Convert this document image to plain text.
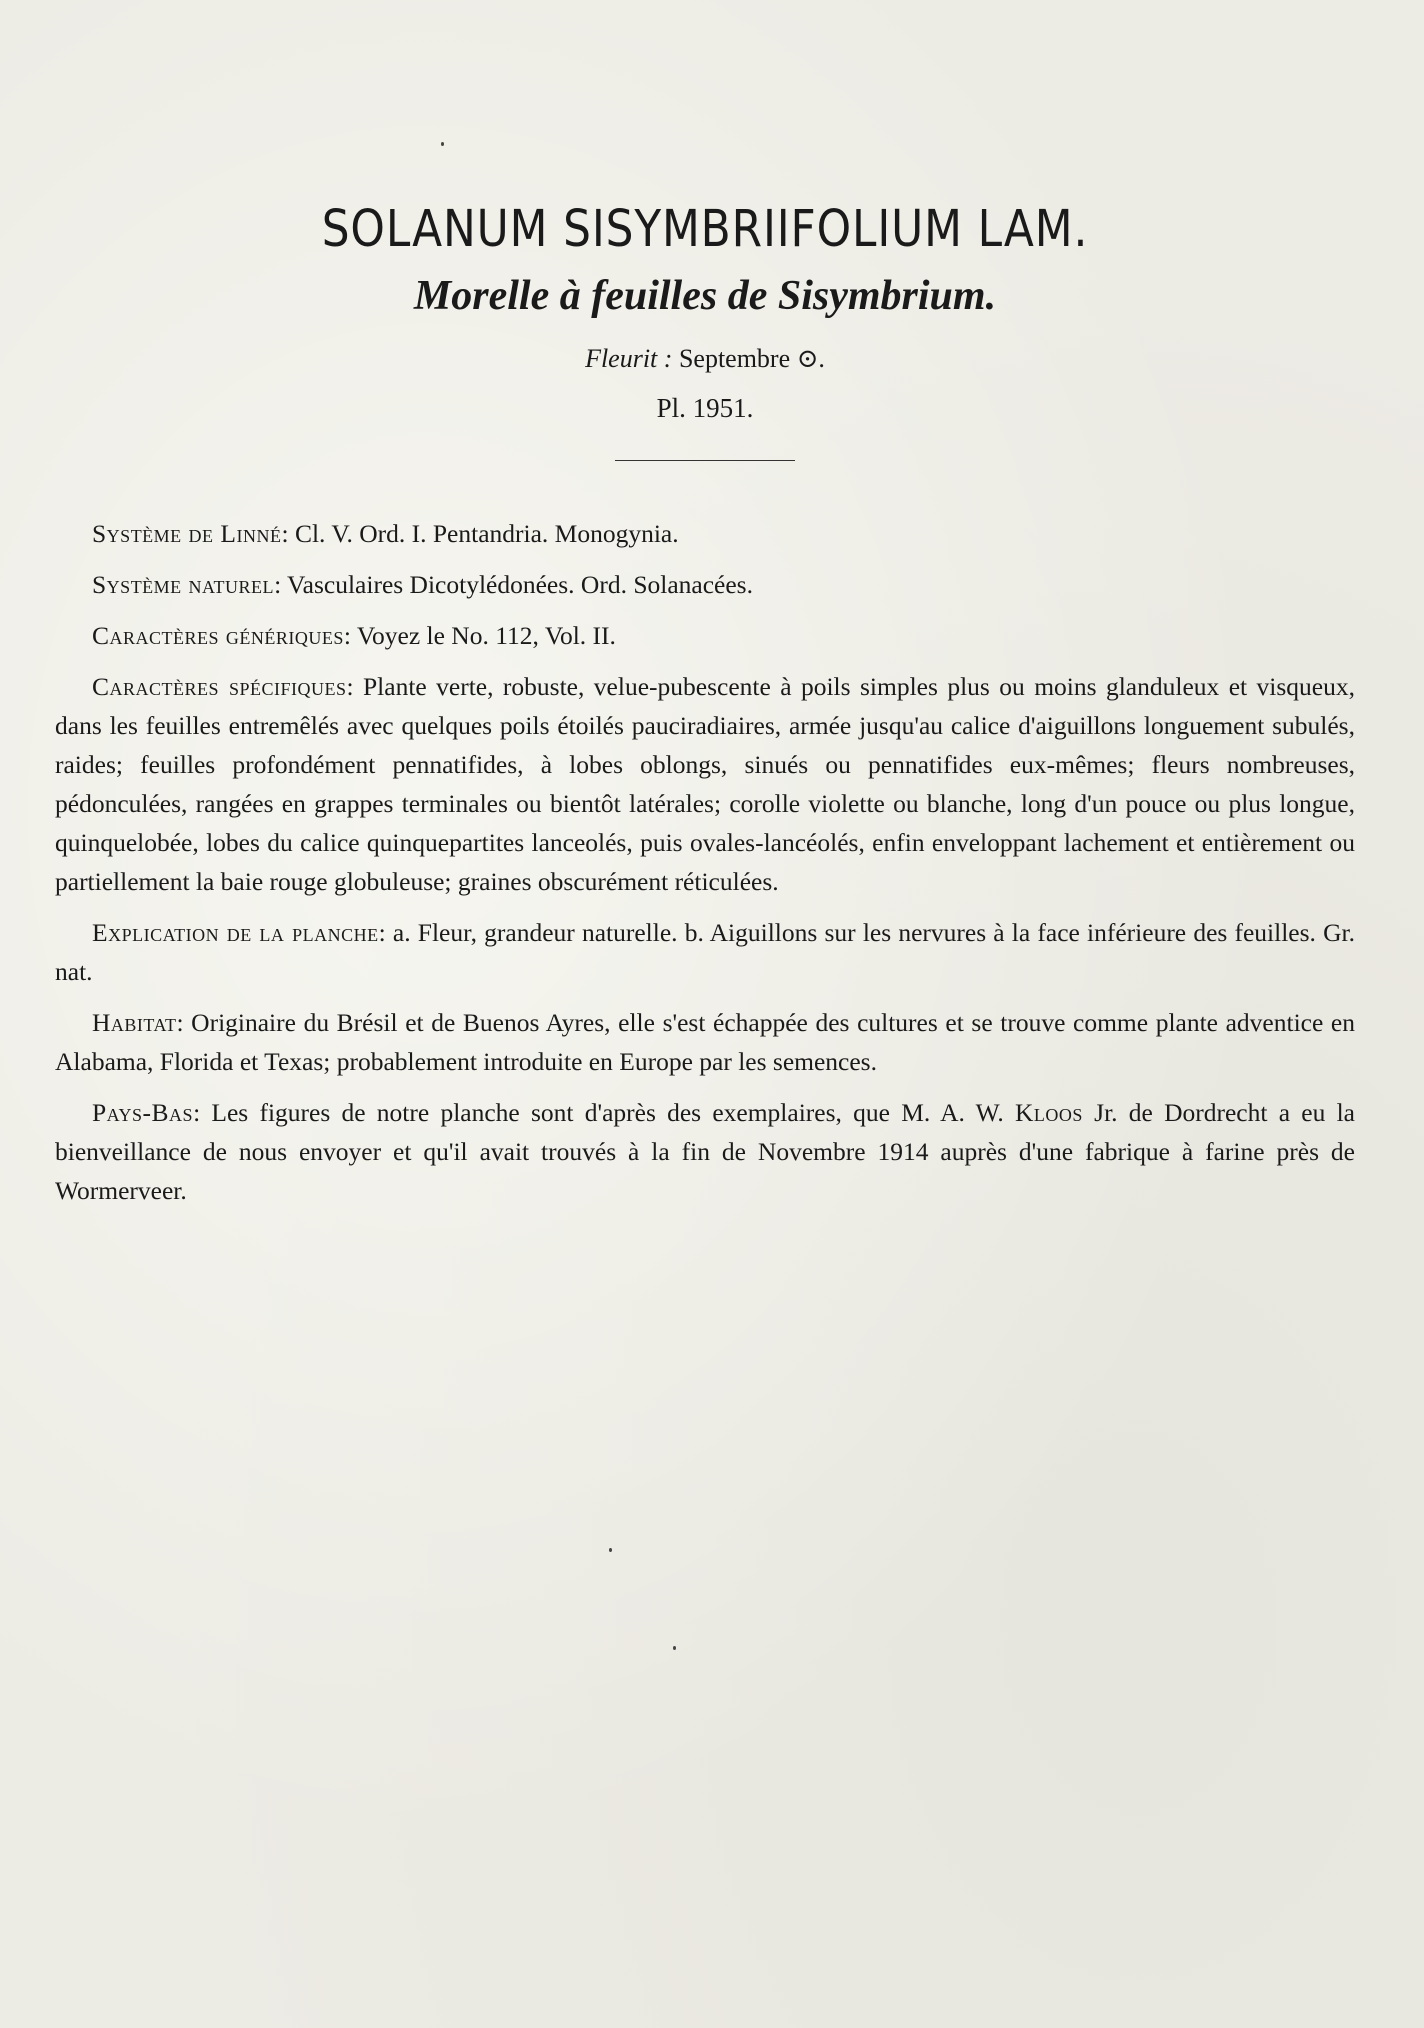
SOLANUM SISYMBRIIFOLIUM LAM.
Morelle à feuilles de Sisymbrium.
Fleurit : Septembre ⊙.
Pl. 1951.

Système de Linné: Cl. V. Ord. I. Pentandria. Monogynia.

Système naturel: Vasculaires Dicotylédonées. Ord. Solanacées.

Caractères génériques: Voyez le No. 112, Vol. II.

Caractères spécifiques: Plante verte, robuste, velue-pubescente à poils simples plus ou moins glanduleux et visqueux, dans les feuilles entremêlés avec quelques poils étoilés pauciradiaires, armée jusqu'au calice d'aiguillons longuement subulés, raides; feuilles profondément pennatifides, à lobes oblongs, sinués ou pennatifides eux-mêmes; fleurs nombreuses, pédonculées, rangées en grappes terminales ou bientôt latérales; corolle violette ou blanche, long d'un pouce ou plus longue, quinquelobée, lobes du calice quinquepartites lanceolés, puis ovales-lancéolés, enfin enveloppant lachement et entièrement ou partiellement la baie rouge globuleuse; graines obscurément réticulées.

Explication de la planche: a. Fleur, grandeur naturelle. b. Aiguillons sur les nervures à la face inférieure des feuilles. Gr. nat.

Habitat: Originaire du Brésil et de Buenos Ayres, elle s'est échappée des cultures et se trouve comme plante adventice en Alabama, Florida et Texas; probablement introduite en Europe par les semences.

Pays-Bas: Les figures de notre planche sont d'après des exemplaires, que M. A. W. Kloos Jr. de Dordrecht a eu la bienveillance de nous envoyer et qu'il avait trouvés à la fin de Novembre 1914 auprès d'une fabrique à farine près de Wormerveer.
